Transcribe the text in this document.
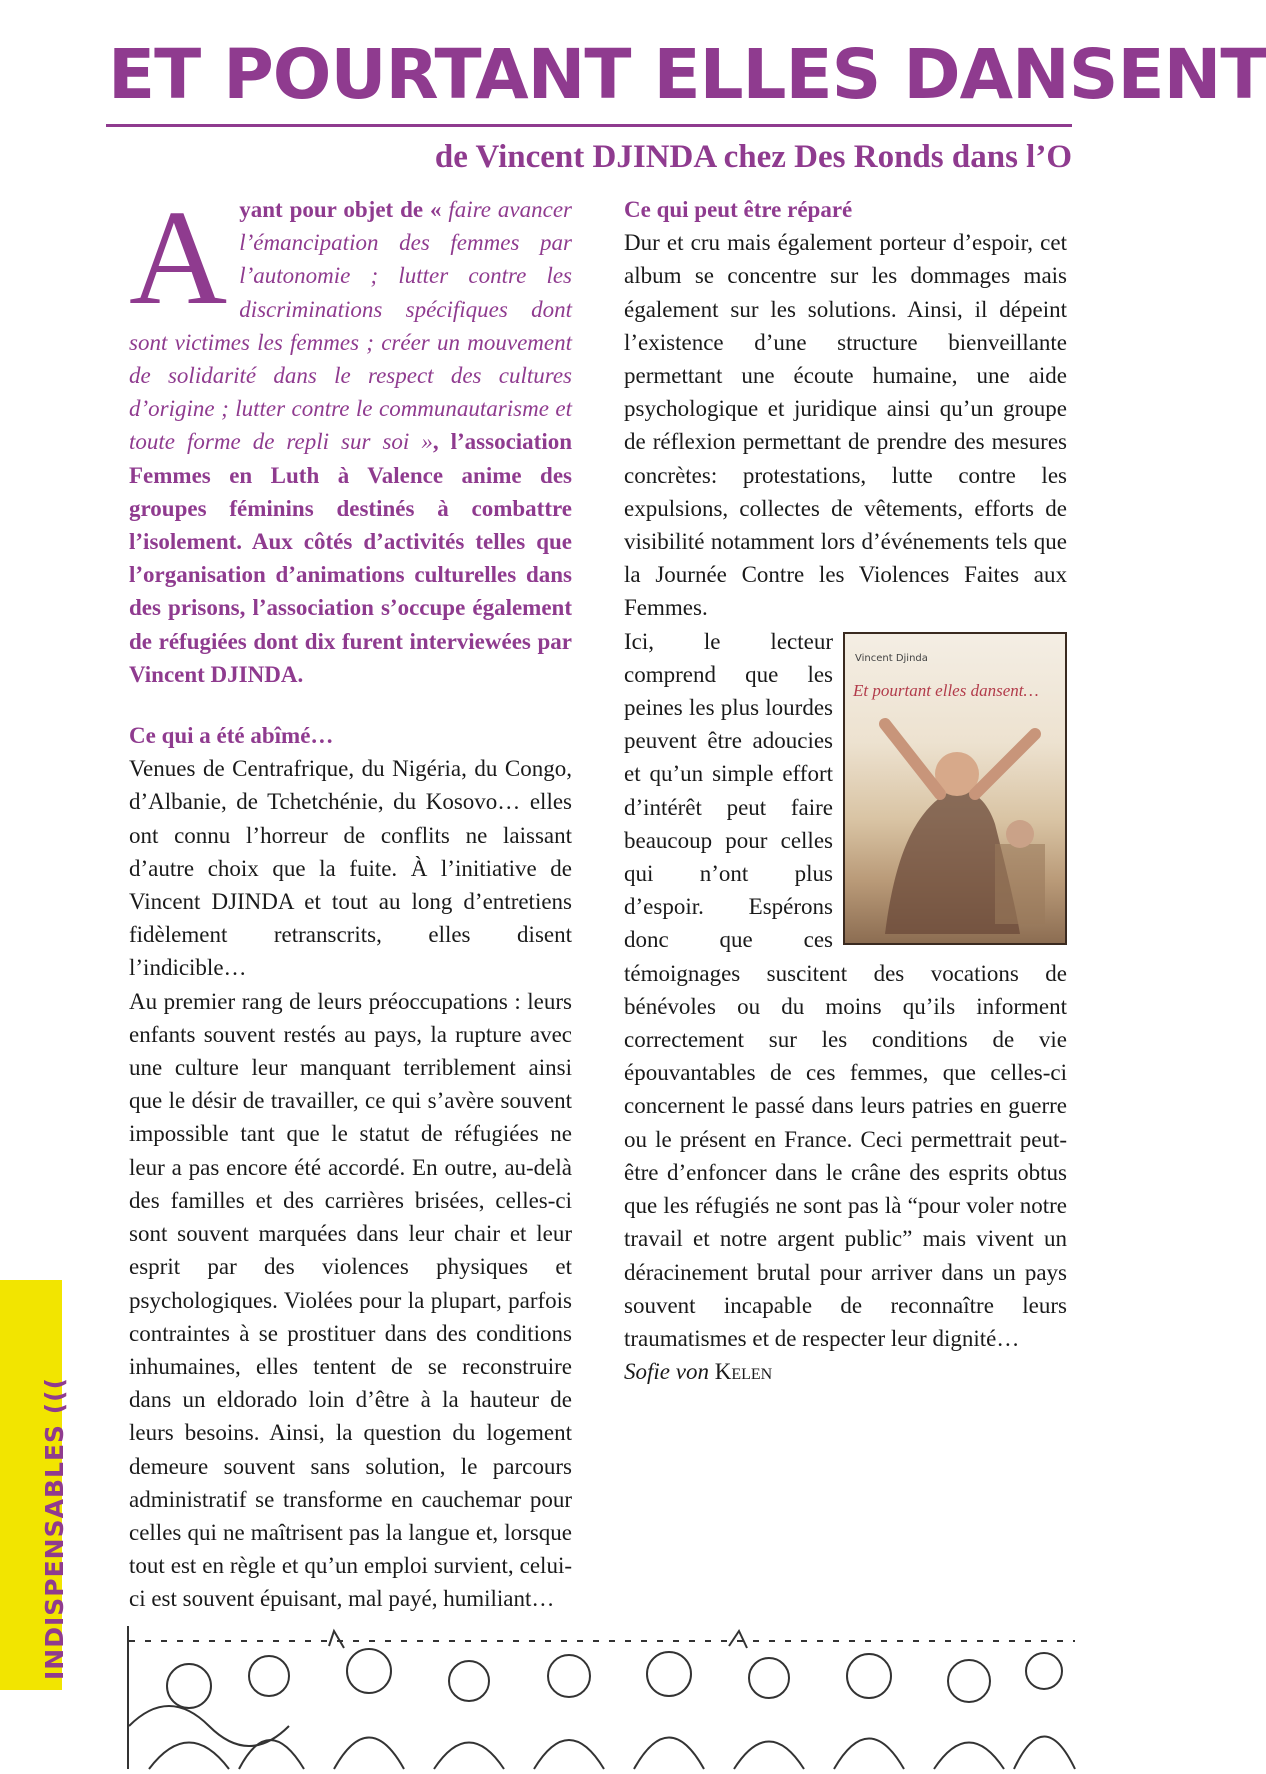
ET POURTANT ELLES DANSENT
de Vincent DJINDA chez Des Ronds dans l’O

Ayant pour objet de « faire avancer l’émancipation des femmes par l’autonomie ; lutter contre les discriminations spécifiques dont sont victimes les femmes ; créer un mouvement de solidarité dans le respect des cultures d’origine ; lutter contre le communautarisme et toute forme de repli sur soi », l’association Femmes en Luth à Valence anime des groupes féminins destinés à combattre l’isolement. Aux côtés d’activités telles que l’organisation d’animations culturelles dans des prisons, l’association s’occupe également de réfugiées dont dix furent interviewées par Vincent DJINDA.

Ce qui a été abîmé…

Venues de Centrafrique, du Nigéria, du Congo, d’Albanie, de Tchetchénie, du Kosovo… elles ont connu l’horreur de conflits ne laissant d’autre choix que la fuite. À l’initiative de Vincent DJINDA et tout au long d’entretiens fidèlement retranscrits, elles disent l’indicible…

Au premier rang de leurs préoccupations : leurs enfants souvent restés au pays, la rupture avec une culture leur manquant terriblement ainsi que le désir de travailler, ce qui s’avère souvent impossible tant que le statut de réfugiées ne leur a pas encore été accordé. En outre, au-delà des familles et des carrières brisées, celles-ci sont souvent marquées dans leur chair et leur esprit par des violences physiques et psychologiques. Violées pour la plupart, parfois contraintes à se prostituer dans des conditions inhumaines, elles tentent de se reconstruire dans un eldorado loin d’être à la hauteur de leurs besoins. Ainsi, la question du logement demeure souvent sans solution, le parcours administratif se transforme en cauchemar pour celles qui ne maîtrisent pas la langue et, lorsque tout est en règle et qu’un emploi survient, celui-ci est souvent épuisant, mal payé, humiliant…

Ce qui peut être réparé

Dur et cru mais également porteur d’espoir, cet album se concentre sur les dommages mais également sur les solutions. Ainsi, il dépeint l’existence d’une structure bienveillante permettant une écoute humaine, une aide psychologique et juridique ainsi qu’un groupe de réflexion permettant de prendre des mesures concrètes: protestations, lutte contre les expulsions, collectes de vêtements, efforts de visibilité notamment lors d’événements tels que la Journée Contre les Violences Faites aux Femmes.

Vincent Djinda
Et pourtant elles dansent…

Ici, le lecteur comprend que les peines les plus lourdes peuvent être adoucies et qu’un simple effort d’intérêt peut faire beaucoup pour celles qui n’ont plus d’espoir. Espérons donc que ces témoignages suscitent des vocations de bénévoles ou du moins qu’ils informent correctement sur les conditions de vie épouvantables de ces femmes, que celles-ci concernent le passé dans leurs patries en guerre ou le présent en France. Ceci permettrait peut-être d’enfoncer dans le crâne des esprits obtus que les réfugiés ne sont pas là “pour voler notre travail et notre argent public” mais vivent un déracinement brutal pour arriver dans un pays souvent incapable de reconnaître leurs traumatismes et de respecter leur dignité…

Sofie von Kelen

INDISPENSABLES (((
